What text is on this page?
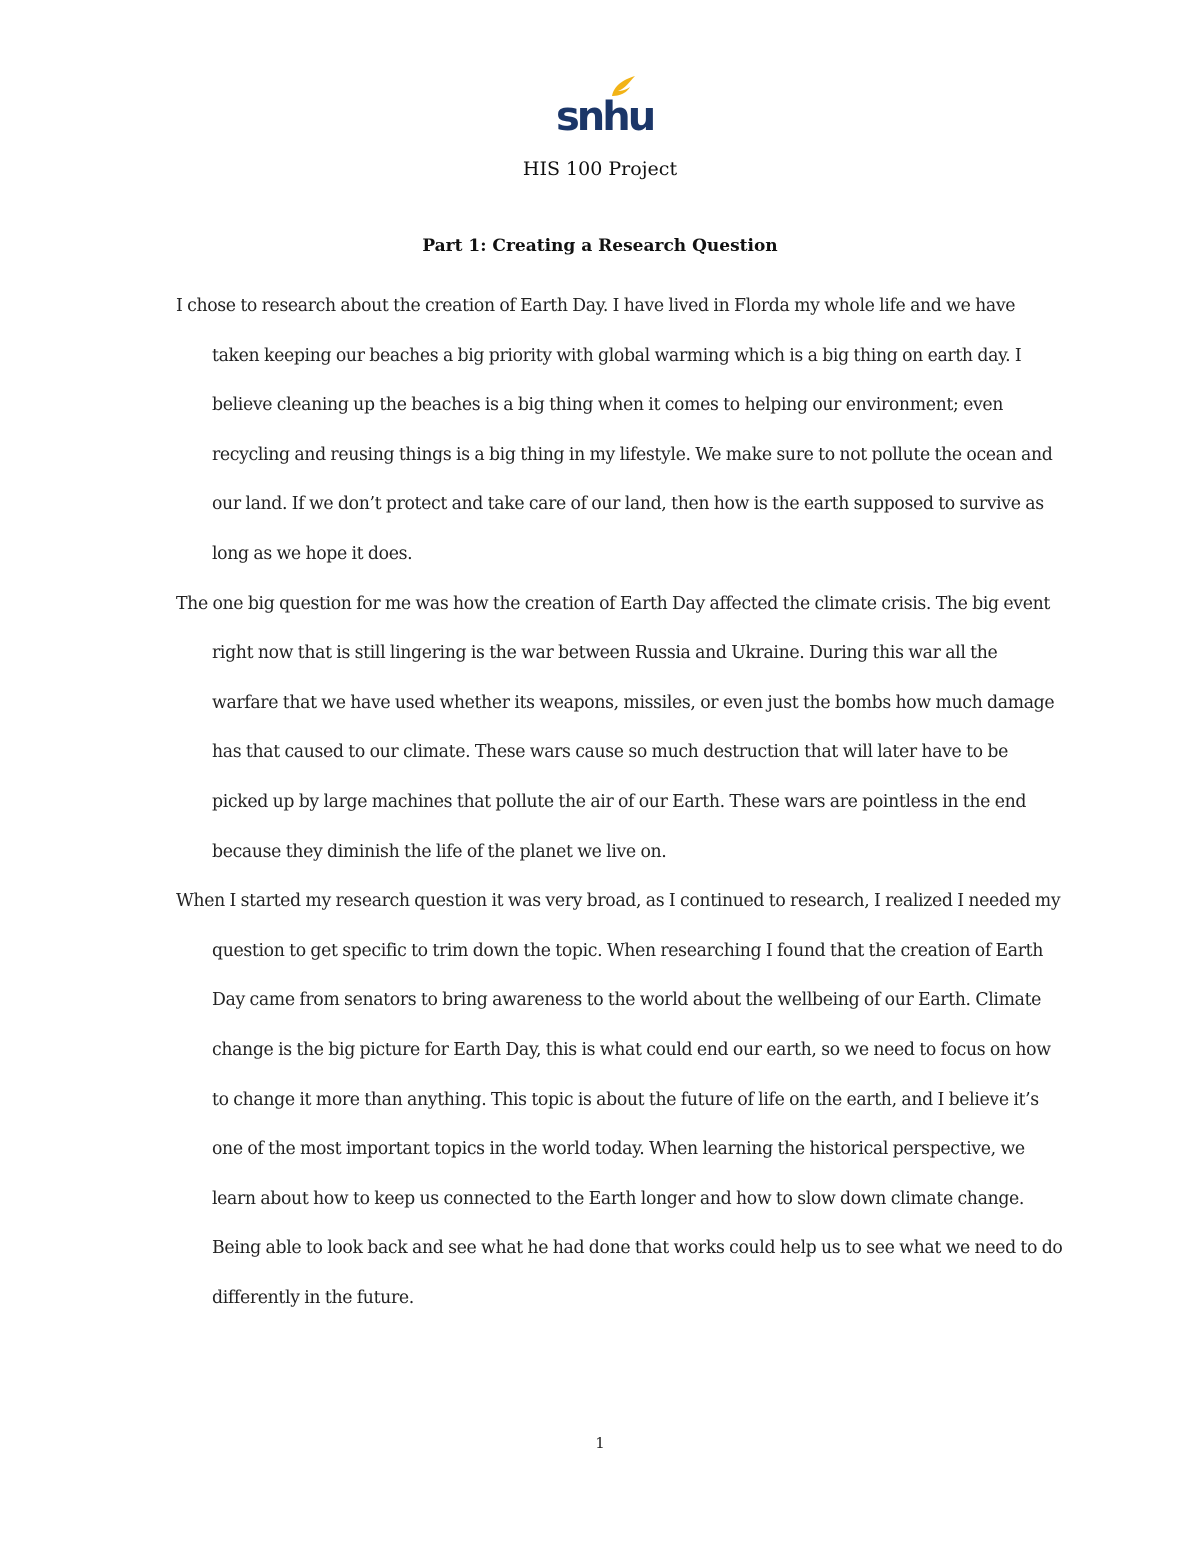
snhu
HIS 100 Project
Part 1: Creating a Research Question

I chose to research about the creation of Earth Day. I have lived in Florda my whole life and we have taken keeping our beaches a big priority with global warming which is a big thing on earth day. I believe cleaning up the beaches is a big thing when it comes to helping our environment; even recycling and reusing things is a big thing in my lifestyle. We make sure to not pollute the ocean and our land. If we don’t protect and take care of our land, then how is the earth supposed to survive as long as we hope it does.

The one big question for me was how the creation of Earth Day affected the climate crisis. The big event right now that is still lingering is the war between Russia and Ukraine. During this war all the warfare that we have used whether its weapons, missiles, or even just the bombs how much damage has that caused to our climate. These wars cause so much destruction that will later have to be picked up by large machines that pollute the air of our Earth. These wars are pointless in the end because they diminish the life of the planet we live on.

When I started my research question it was very broad, as I continued to research, I realized I needed my question to get specific to trim down the topic. When researching I found that the creation of Earth Day came from senators to bring awareness to the world about the wellbeing of our Earth. Climate change is the big picture for Earth Day, this is what could end our earth, so we need to focus on how to change it more than anything. This topic is about the future of life on the earth, and I believe it’s one of the most important topics in the world today. When learning the historical perspective, we learn about how to keep us connected to the Earth longer and how to slow down climate change. Being able to look back and see what he had done that works could help us to see what we need to do differently in the future.

1
